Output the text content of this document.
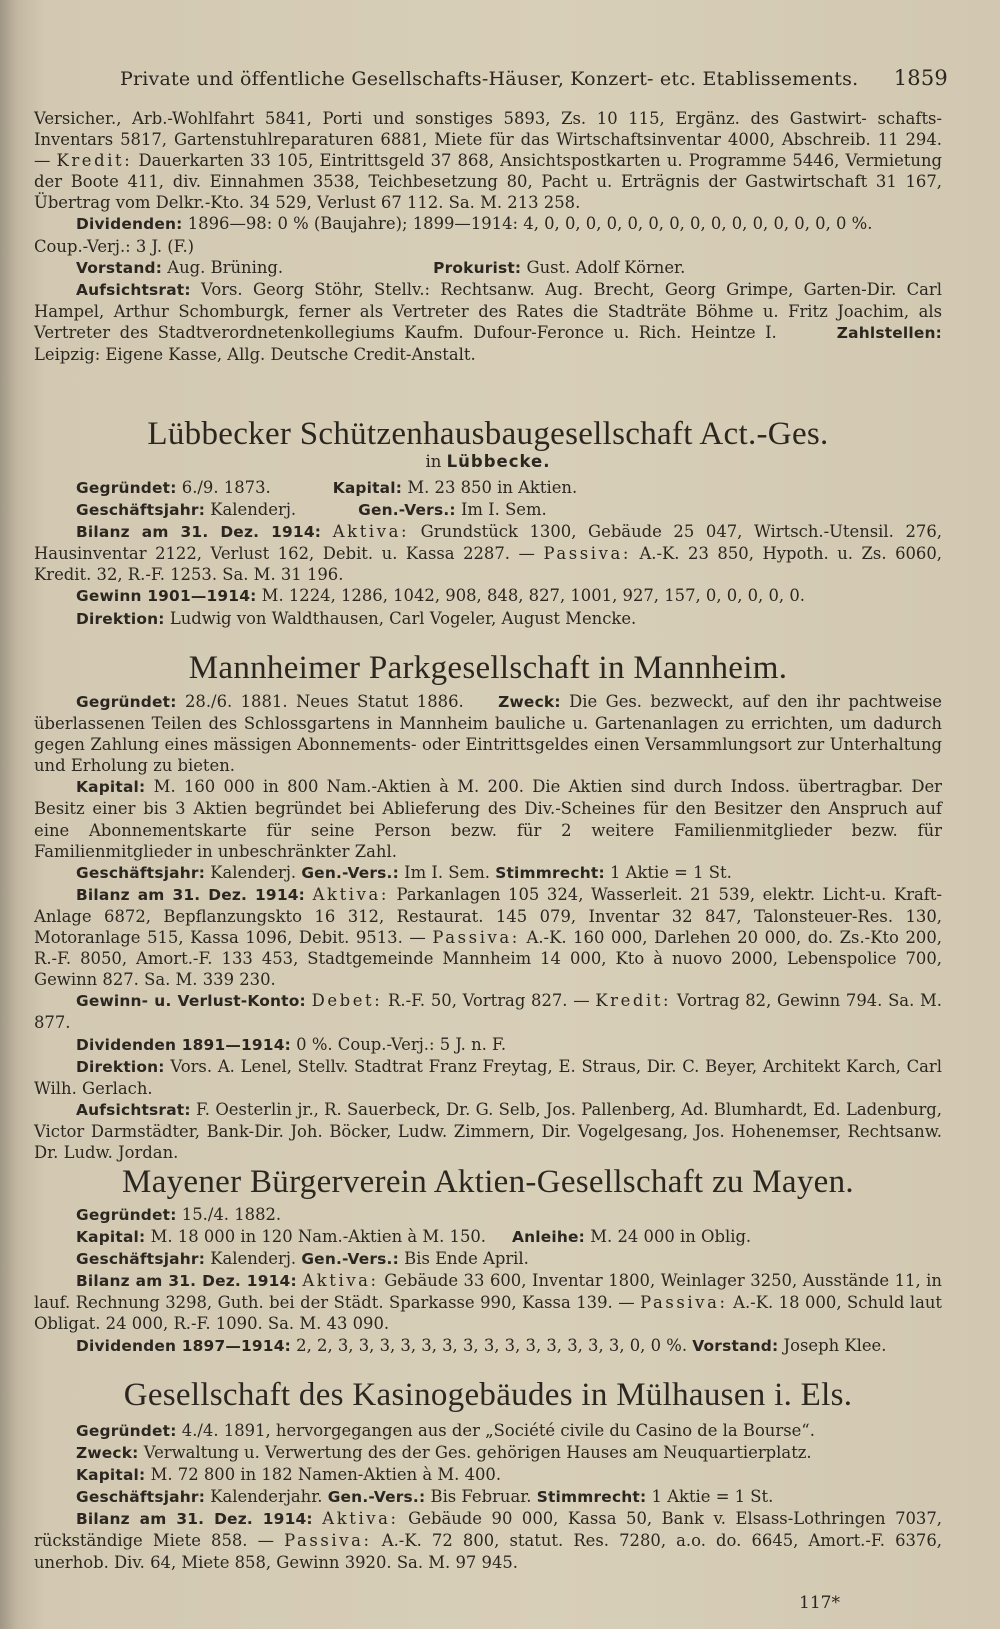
Private und öffentliche Gesellschafts-Häuser, Konzert- etc. Etablissements. 1859

Versicher., Arb.-Wohlfahrt 5841, Porti und sonstiges 5893, Zs. 10 115, Ergänz. des Gastwirt- schafts-Inventars 5817, Gartenstuhlreparaturen 6881, Miete für das Wirtschaftsinventar 4000, Abschreib. 11 294. — Kredit: Dauerkarten 33 105, Eintrittsgeld 37 868, Ansichtspostkarten u. Programme 5446, Vermietung der Boote 411, div. Einnahmen 3538, Teichbesetzung 80, Pacht u. Erträgnis der Gastwirtschaft 31 167, Übertrag vom Delkr.-Kto. 34 529, Verlust 67 112. Sa. M. 213 258.

Dividenden: 1896—98: 0 % (Baujahre); 1899—1914: 4, 0, 0, 0, 0, 0, 0, 0, 0, 0, 0, 0, 0, 0, 0, 0 %.

Coup.-Verj.: 3 J. (F.)

Vorstand: Aug. Brüning.	Prokurist: Gust. Adolf Körner.

Aufsichtsrat: Vors. Georg Stöhr, Stellv.: Rechtsanw. Aug. Brecht, Georg Grimpe, Garten-Dir. Carl Hampel, Arthur Schomburgk, ferner als Vertreter des Rates die Stadträte Böhme u. Fritz Joachim, als Vertreter des Stadtverordnetenkollegiums Kaufm. Dufour-Feronce u. Rich. Heintze I.	Zahlstellen: Leipzig: Eigene Kasse, Allg. Deutsche Credit-Anstalt.

Lübbecker Schützenhausbaugesellschaft Act.-Ges.
in Lübbecke.

Gegründet: 6./9. 1873.	Kapital: M. 23 850 in Aktien.

Geschäftsjahr: Kalenderj.	Gen.-Vers.: Im I. Sem.

Bilanz am 31. Dez. 1914: Aktiva: Grundstück 1300, Gebäude 25 047, Wirtsch.-Utensil. 276, Hausinventar 2122, Verlust 162, Debit. u. Kassa 2287. — Passiva: A.-K. 23 850, Hypoth. u. Zs. 6060, Kredit. 32, R.-F. 1253. Sa. M. 31 196.

Gewinn 1901—1914: M. 1224, 1286, 1042, 908, 848, 827, 1001, 927, 157, 0, 0, 0, 0, 0.

Direktion: Ludwig von Waldthausen, Carl Vogeler, August Mencke.

Mannheimer Parkgesellschaft in Mannheim.

Gegründet: 28./6. 1881. Neues Statut 1886. Zweck: Die Ges. bezweckt, auf den ihr pachtweise überlassenen Teilen des Schlossgartens in Mannheim bauliche u. Gartenanlagen zu errichten, um dadurch gegen Zahlung eines mässigen Abonnements- oder Eintrittsgeldes einen Versammlungsort zur Unterhaltung und Erholung zu bieten.

Kapital: M. 160 000 in 800 Nam.-Aktien à M. 200. Die Aktien sind durch Indoss. übertragbar. Der Besitz einer bis 3 Aktien begründet bei Ablieferung des Div.-Scheines für den Besitzer den Anspruch auf eine Abonnementskarte für seine Person bezw. für 2 weitere Familienmitglieder bezw. für Familienmitglieder in unbeschränkter Zahl.

Geschäftsjahr: Kalenderj. Gen.-Vers.: Im I. Sem. Stimmrecht: 1 Aktie = 1 St.

Bilanz am 31. Dez. 1914: Aktiva: Parkanlagen 105 324, Wasserleit. 21 539, elektr. Licht-u. Kraft-Anlage 6872, Bepflanzungskto 16 312, Restaurat. 145 079, Inventar 32 847, Talonsteuer-Res. 130, Motoranlage 515, Kassa 1096, Debit. 9513. — Passiva: A.-K. 160 000, Darlehen 20 000, do. Zs.-Kto 200, R.-F. 8050, Amort.-F. 133 453, Stadtgemeinde Mannheim 14 000, Kto à nuovo 2000, Lebenspolice 700, Gewinn 827. Sa. M. 339 230.

Gewinn- u. Verlust-Konto: Debet: R.-F. 50, Vortrag 827. — Kredit: Vortrag 82, Gewinn 794. Sa. M. 877.

Dividenden 1891—1914: 0 %. Coup.-Verj.: 5 J. n. F.

Direktion: Vors. A. Lenel, Stellv. Stadtrat Franz Freytag, E. Straus, Dir. C. Beyer, Architekt Karch, Carl Wilh. Gerlach.

Aufsichtsrat: F. Oesterlin jr., R. Sauerbeck, Dr. G. Selb, Jos. Pallenberg, Ad. Blumhardt, Ed. Ladenburg, Victor Darmstädter, Bank-Dir. Joh. Böcker, Ludw. Zimmern, Dir. Vogelgesang, Jos. Hohenemser, Rechtsanw. Dr. Ludw. Jordan.

Mayener Bürgerverein Aktien-Gesellschaft zu Mayen.

Gegründet: 15./4. 1882.

Kapital: M. 18 000 in 120 Nam.-Aktien à M. 150. Anleihe: M. 24 000 in Oblig.

Geschäftsjahr: Kalenderj. Gen.-Vers.: Bis Ende April.

Bilanz am 31. Dez. 1914: Aktiva: Gebäude 33 600, Inventar 1800, Weinlager 3250, Ausstände 11, in lauf. Rechnung 3298, Guth. bei der Städt. Sparkasse 990, Kassa 139. — Passiva: A.-K. 18 000, Schuld laut Obligat. 24 000, R.-F. 1090. Sa. M. 43 090.

Dividenden 1897—1914: 2, 2, 3, 3, 3, 3, 3, 3, 3, 3, 3, 3, 3, 3, 3, 3, 0, 0 %. Vorstand: Joseph Klee.

Gesellschaft des Kasinogebäudes in Mülhausen i. Els.

Gegründet: 4./4. 1891, hervorgegangen aus der „Société civile du Casino de la Bourse“.

Zweck: Verwaltung u. Verwertung des der Ges. gehörigen Hauses am Neuquartierplatz.

Kapital: M. 72 800 in 182 Namen-Aktien à M. 400.

Geschäftsjahr: Kalenderjahr. Gen.-Vers.: Bis Februar. Stimmrecht: 1 Aktie = 1 St.

Bilanz am 31. Dez. 1914: Aktiva: Gebäude 90 000, Kassa 50, Bank v. Elsass-Lothringen 7037, rückständige Miete 858. — Passiva: A.-K. 72 800, statut. Res. 7280, a.o. do. 6645, Amort.-F. 6376, unerhob. Div. 64, Miete 858, Gewinn 3920. Sa. M. 97 945.

117*
